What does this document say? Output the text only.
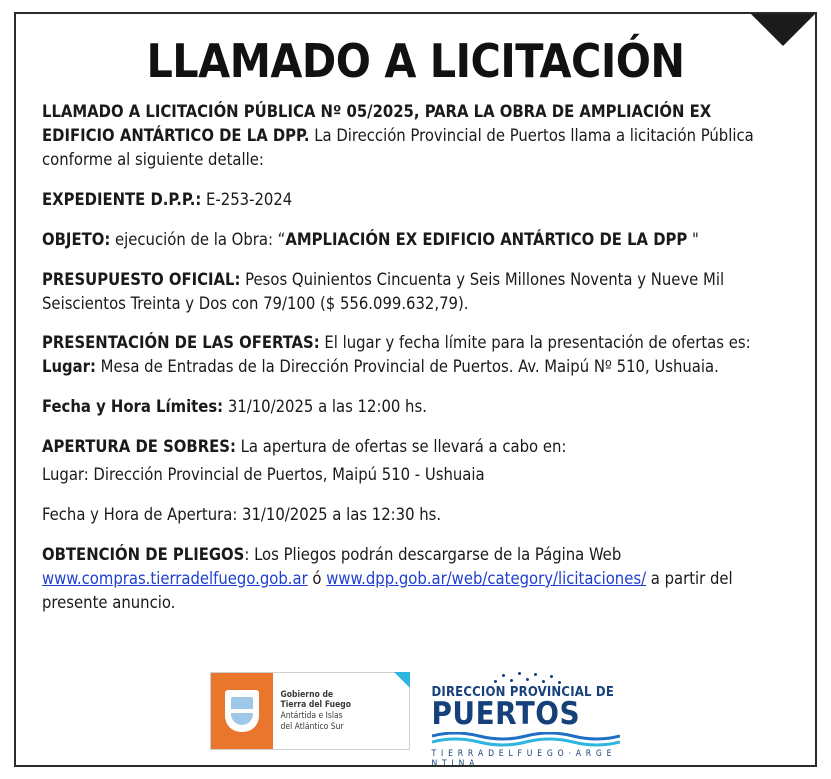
LLAMADO A LICITACIÓN

LLAMADO A LICITACIÓN PÚBLICA Nº 05/2025, PARA LA OBRA DE AMPLIACIÓN EX EDIFICIO ANTÁRTICO DE LA DPP. La Dirección Provincial de Puertos llama a licitación Pública conforme al siguiente detalle:

EXPEDIENTE D.P.P.: E-253-2024

OBJETO: ejecución de la Obra: “AMPLIACIÓN EX EDIFICIO ANTÁRTICO DE LA DPP "

PRESUPUESTO OFICIAL: Pesos Quinientos Cincuenta y Seis Millones Noventa y Nueve Mil Seiscientos Treinta y Dos con 79/100 ($ 556.099.632,79).

PRESENTACIÓN DE LAS OFERTAS: El lugar y fecha límite para la presentación de ofertas es: Lugar: Mesa de Entradas de la Dirección Provincial de Puertos. Av. Maipú Nº 510, Ushuaia.

Fecha y Hora Límites: 31/10/2025 a las 12:00 hs.

APERTURA DE SOBRES: La apertura de ofertas se llevará a cabo en:

Lugar: Dirección Provincial de Puertos, Maipú 510 - Ushuaia

Fecha y Hora de Apertura: 31/10/2025 a las 12:30 hs.

OBTENCIÓN DE PLIEGOS: Los Pliegos podrán descargarse de la Página Web www.compras.tierradelfuego.gob.ar ó www.dpp.gob.ar/web/category/licitaciones/ a partir del presente anuncio.

Gobierno de
Tierra del Fuego
Antártida e Islas
del Atlántico Sur
DIRECCION PROVINCIAL DE
PUERTOS
T I E R R A D E L F U E G O · A R G E N T I N A
